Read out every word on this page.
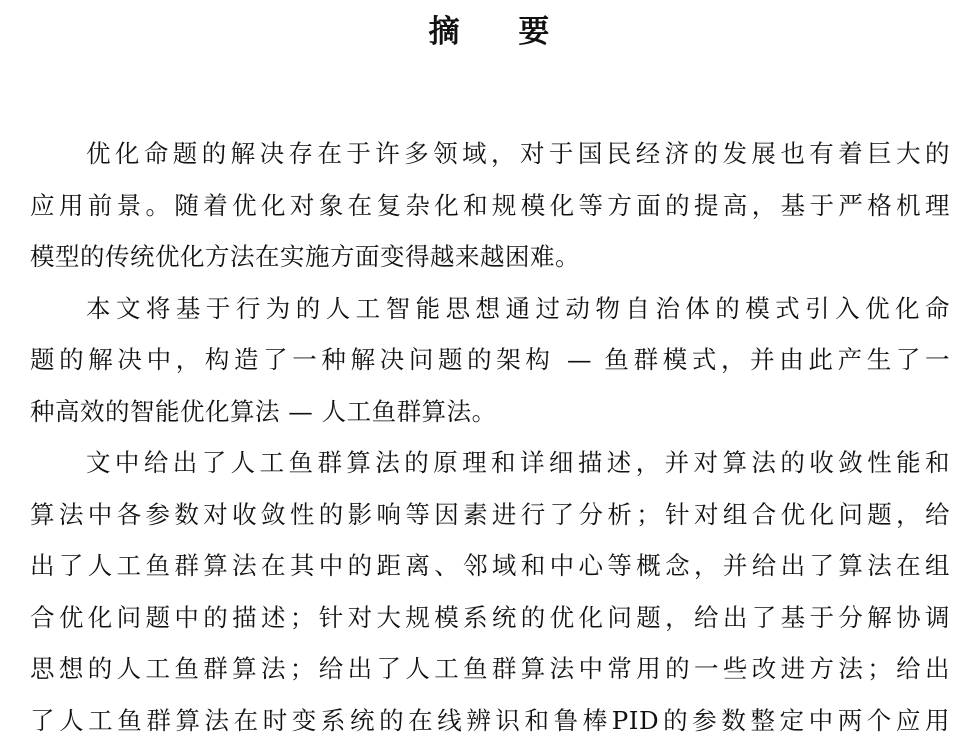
摘 要
优化命题的解决存在于许多领域，对于国民经济的发展也有着巨大的
应用前景。随着优化对象在复杂化和规模化等方面的提高，基于严格机理
模型的传统优化方法在实施方面变得越来越困难。
本文将基于行为的人工智能思想通过动物自治体的模式引入优化命
题的解决中，构造了一种解决问题的架构 — 鱼群模式，并由此产生了一
种高效的智能优化算法 — 人工鱼群算法。
文中给出了人工鱼群算法的原理和详细描述，并对算法的收敛性能和
算法中各参数对收敛性的影响等因素进行了分析；针对组合优化问题，给
出了人工鱼群算法在其中的距离、邻域和中心等概念，并给出了算法在组
合优化问题中的描述；针对大规模系统的优化问题，给出了基于分解协调
思想的人工鱼群算法；给出了人工鱼群算法中常用的一些改进方法；给出
了人工鱼群算法在时变系统的在线辨识和鲁棒PID的参数整定中两个应用
